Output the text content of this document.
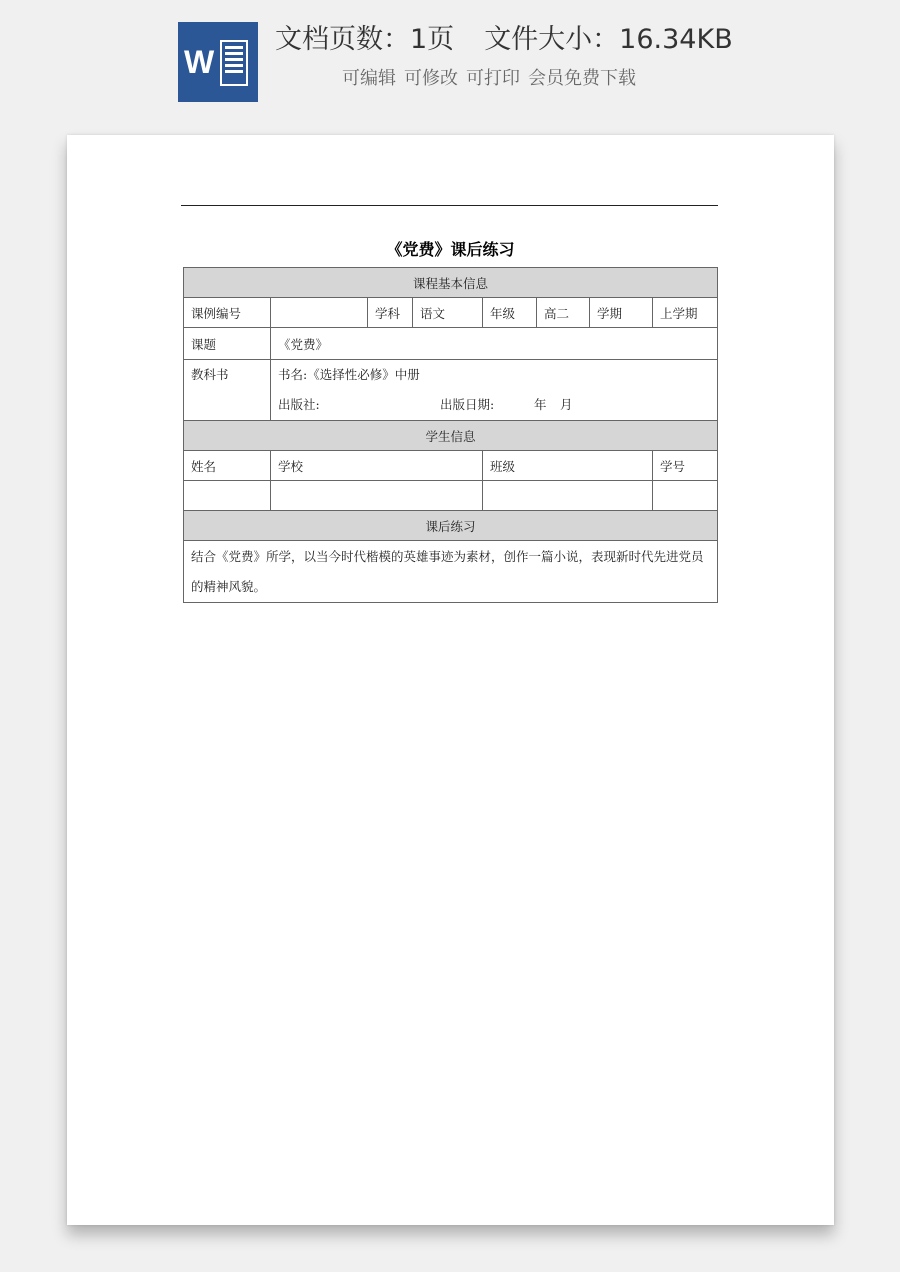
W
文档页数：1页 文件大小：16.34KB
可编辑 可修改 可打印 会员免费下载
《党费》课后练习
课程基本信息							
课例编号		学科	语文	年级	高二	学期	上学期
课题	《党费》						

教科书	书名:《选择性必修》中册
出版社: 出版日期: 年 月						

学生信息							
姓名	学校			班级			学号

课后练习							
结合《党费》所学，以当今时代楷模的英雄事迹为素材，创作一篇小说，表现新时代先进党员的精神风貌。							
